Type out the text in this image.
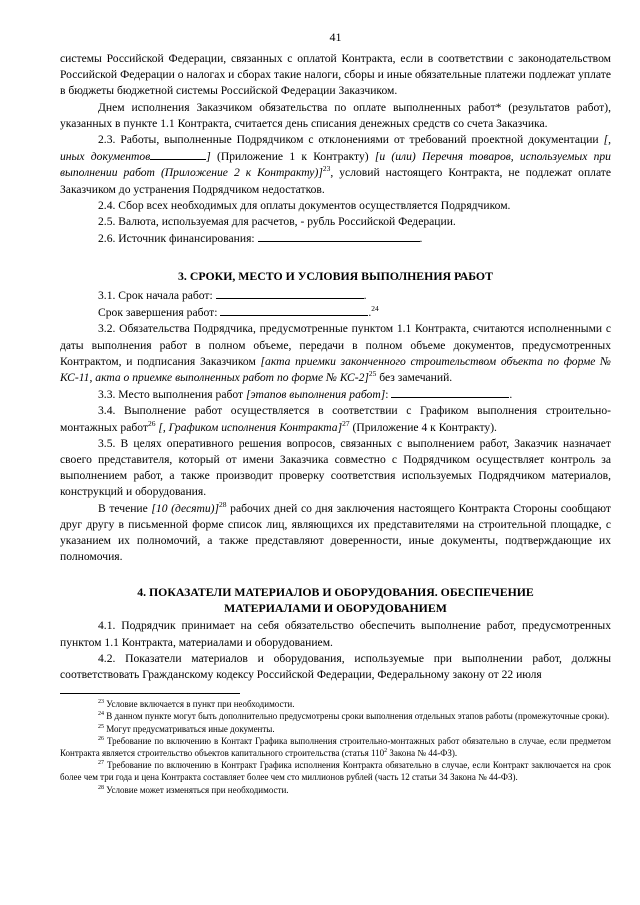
41

системы Российской Федерации, связанных с оплатой Контракта, если в соответствии с законодательством Российской Федерации о налогах и сборах такие налоги, сборы и иные обязательные платежи подлежат уплате в бюджеты бюджетной системы Российской Федерации Заказчиком.

Днем исполнения Заказчиком обязательства по оплате выполненных работ* (результатов работ), указанных в пункте 1.1 Контракта, считается день списания денежных средств со счета Заказчика.

2.3. Работы, выполненные Подрядчиком с отклонениями от требований проектной документации [, иных документов	] (Приложение 1 к Контракту) [и (или) Перечня товаров, используемых при выполнении работ (Приложение 2 к Контракту)]$^{23}$, условий настоящего Контракта, не подлежат оплате Заказчиком до устранения Подрядчиком недостатков.

2.4. Сбор всех необходимых для оплаты документов осуществляется Подрядчиком.

2.5. Валюта, используемая для расчетов, - рубль Российской Федерации.

2.6. Источник финансирования:	.

3. СРОКИ, МЕСТО И УСЛОВИЯ ВЫПОЛНЕНИЯ РАБОТ

3.1. Срок начала работ:	.

Срок завершения работ:	.$^{24}$

3.2. Обязательства Подрядчика, предусмотренные пунктом 1.1 Контракта, считаются исполненными с даты выполнения работ в полном объеме, передачи в полном объеме документов, предусмотренных Контрактом, и подписания Заказчиком [акта приемки законченного строительством объекта по форме № КС-11, акта о приемке выполненных работ по форме № КС-2]$^{25}$ без замечаний.

3.3. Место выполнения работ [этапов выполнения работ]:	.

3.4. Выполнение работ осуществляется в соответствии с Графиком выполнения строительно-монтажных работ$^{26}$ [, Графиком исполнения Контракта]$^{27}$ (Приложение 4 к Контракту).

3.5. В целях оперативного решения вопросов, связанных с выполнением работ, Заказчик назначает своего представителя, который от имени Заказчика совместно с Подрядчиком осуществляет контроль за выполнением работ, а также производит проверку соответствия используемых Подрядчиком материалов, конструкций и оборудования.

В течение [10 (десяти)]$^{28}$ рабочих дней со дня заключения настоящего Контракта Стороны сообщают друг другу в письменной форме список лиц, являющихся их представителями на строительной площадке, с указанием их полномочий, а также представляют доверенности, иные документы, подтверждающие их полномочия.

4. ПОКАЗАТЕЛИ МАТЕРИАЛОВ И ОБОРУДОВАНИЯ. ОБЕСПЕЧЕНИЕ
МАТЕРИАЛАМИ И ОБОРУДОВАНИЕМ

4.1. Подрядчик принимает на себя обязательство обеспечить выполнение работ, предусмотренных пунктом 1.1 Контракта, материалами и оборудованием.

4.2. Показатели материалов и оборудования, используемые при выполнении работ, должны соответствовать Гражданскому кодексу Российской Федерации, Федеральному закону от 22 июля

$^{23}$ Условие включается в пункт при необходимости.

$^{24}$ В данном пункте могут быть дополнительно предусмотрены сроки выполнения отдельных этапов работы (промежуточные сроки).

$^{25}$ Могут предусматриваться иные документы.

$^{26}$ Требование по включению в Контакт Графика выполнения строительно-монтажных работ обязательно в случае, если предметом Контракта является строительство объектов капитального строительства (статья $110^2$ Закона № 44-ФЗ).

$^{27}$ Требование по включению в Контракт Графика исполнения Контракта обязательно в случае, если Контракт заключается на срок более чем три года и цена Контракта составляет более чем сто миллионов рублей (часть 12 статьи 34 Закона № 44-ФЗ).

$^{28}$ Условие может изменяться при необходимости.
